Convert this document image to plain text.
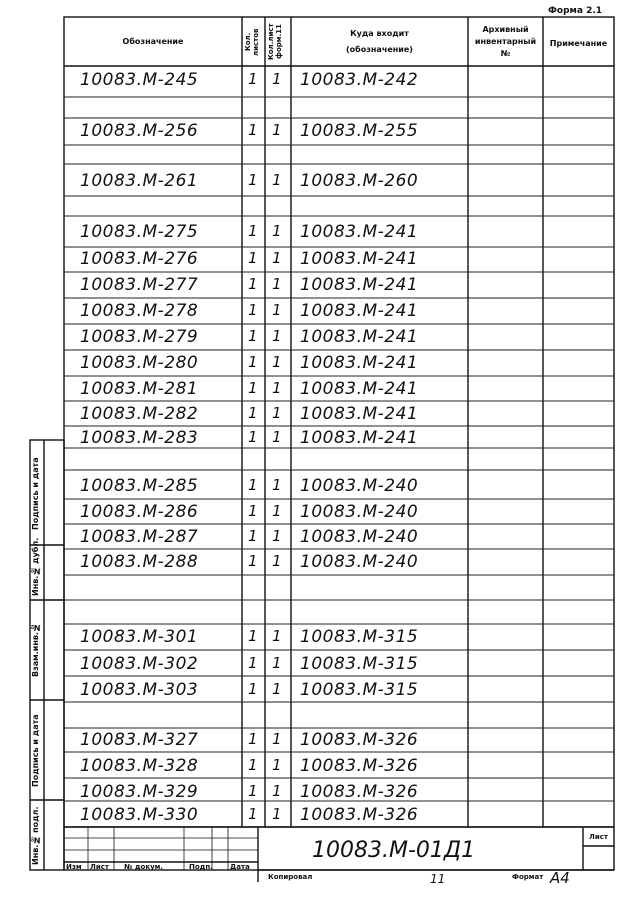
Форма 2.1
Обозначение	Кол. листов	Кол.лист форм.11	Куда входит
(обозначение)
Архивный
инвентарный
№
Примечание
10083.М-245	1 1 10083.М-242
10083.М-256	1 1 10083.М-255
10083.М-261	1 1 10083.М-260
10083.М-275	1 1 10083.М-241
10083.М-276	1 1 10083.М-241
10083.М-277	1 1 10083.М-241
10083.М-278	1 1 10083.М-241
10083.М-279	1 1 10083.М-241
10083.М-280	1 1 10083.М-241
10083.М-281	1 1 10083.М-241
10083.М-282	1 1 10083.М-241
10083.М-283	1 1 10083.М-241
10083.М-285	1 1 10083.М-240
10083.М-286	1 1 10083.М-240
10083.М-287	1 1 10083.М-240
10083.М-288	1 1 10083.М-240
10083.М-301	1 1 10083.М-315
10083.М-302	1 1 10083.М-315
10083.М-303	1 1 10083.М-315
10083.М-327	1 1 10083.М-326
10083.М-328	1 1 10083.М-326
10083.М-329	1 1 10083.М-326
10083.М-330	1 1 10083.М-326
Подпись и дата
Инв.№ дубл.
Взам.инв.№
Подпись и дата
Инв.№ подл.
Изм Лист № докум.	Подп. Дата
10083.М-01Д1
Лист
Копировал	11	Формат А4
